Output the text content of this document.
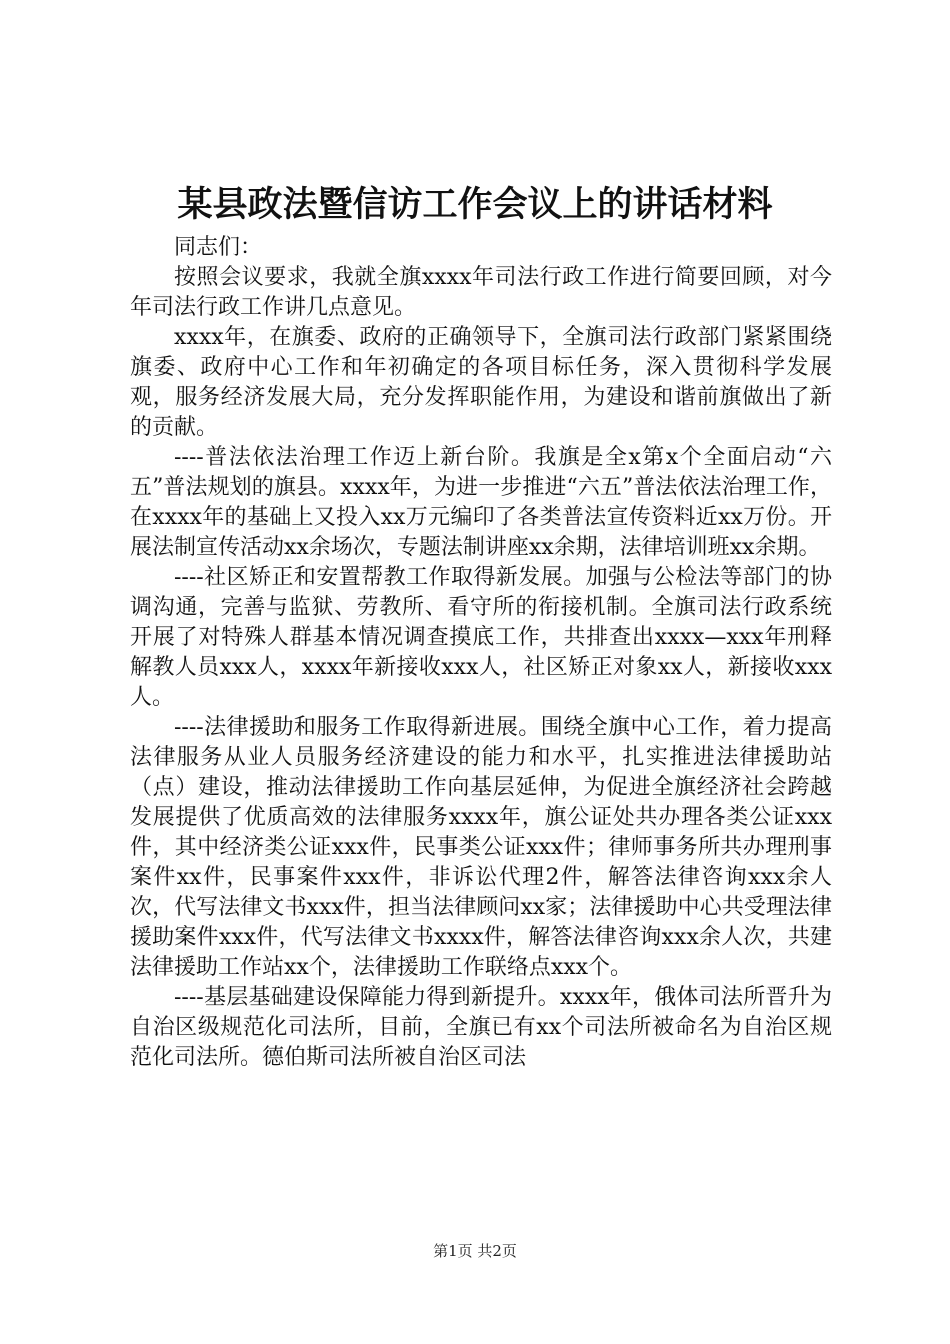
某县政法暨信访工作会议上的讲话材料

同志们：

按照会议要求，我就全旗xxxx年司法行政工作进行简要回顾，对今年司法行政工作讲几点意见。

xxxx年，在旗委、政府的正确领导下，全旗司法行政部门紧紧围绕旗委、政府中心工作和年初确定的各项目标任务，深入贯彻科学发展观，服务经济发展大局，充分发挥职能作用，为建设和谐前旗做出了新的贡献。

----普法依法治理工作迈上新台阶。我旗是全x第x个全面启动“六五”普法规划的旗县。xxxx年，为进一步推进“六五”普法依法治理工作，在xxxx年的基础上又投入xx万元编印了各类普法宣传资料近xx万份。开展法制宣传活动xx余场次，专题法制讲座xx余期，法律培训班xx余期。

----社区矫正和安置帮教工作取得新发展。加强与公检法等部门的协调沟通，完善与监狱、劳教所、看守所的衔接机制。全旗司法行政系统开展了对特殊人群基本情况调查摸底工作，共排查出xxxx—xxx年刑释解教人员xxx人，xxxx年新接收xxx人，社区矫正对象xx人，新接收xxx人。

----法律援助和服务工作取得新进展。围绕全旗中心工作，着力提高法律服务从业人员服务经济建设的能力和水平，扎实推进法律援助站（点）建设，推动法律援助工作向基层延伸，为促进全旗经济社会跨越发展提供了优质高效的法律服务xxxx年，旗公证处共办理各类公证xxx件，其中经济类公证xxx件，民事类公证xxx件；律师事务所共办理刑事案件xx件，民事案件xxx件，非诉讼代理2件，解答法律咨询xxx余人次，代写法律文书xxx件，担当法律顾问xx家；法律援助中心共受理法律援助案件xxx件，代写法律文书xxxx件，解答法律咨询xxx余人次，共建法律援助工作站xx个，法律援助工作联络点xxx个。

----基层基础建设保障能力得到新提升。xxxx年，俄体司法所晋升为自治区级规范化司法所，目前，全旗已有xx个司法所被命名为自治区规范化司法所。德伯斯司法所被自治区司法

第1页 共2页
